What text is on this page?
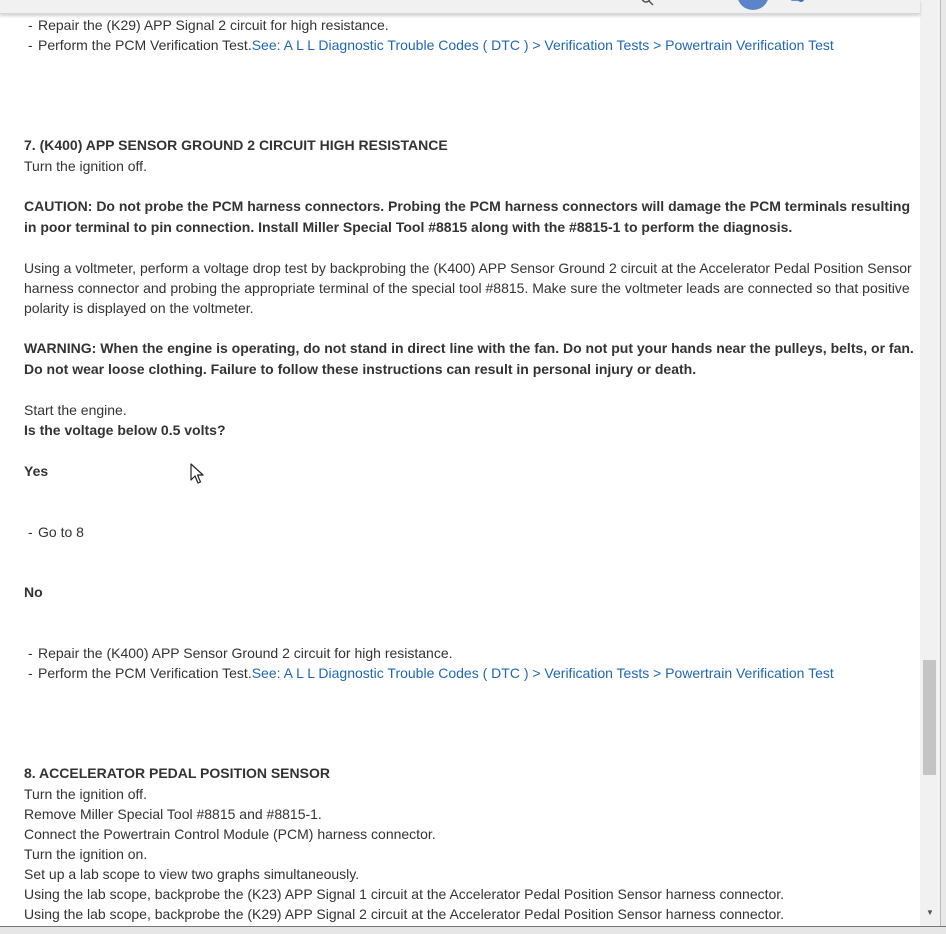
- Repair the (K29) APP Signal 2 circuit for high resistance.
- Perform the PCM Verification Test.See: A L L Diagnostic Trouble Codes ( DTC ) > Verification Tests > Powertrain Verification Test
7. (K400) APP SENSOR GROUND 2 CIRCUIT HIGH RESISTANCE
Turn the ignition off.
CAUTION: Do not probe the PCM harness connectors. Probing the PCM harness connectors will damage the PCM terminals resulting in poor terminal to pin connection. Install Miller Special Tool #8815 along with the #8815-1 to perform the diagnosis.
Using a voltmeter, perform a voltage drop test by backprobing the (K400) APP Sensor Ground 2 circuit at the Accelerator Pedal Position Sensor harness connector and probing the appropriate terminal of the special tool #8815. Make sure the voltmeter leads are connected so that positive polarity is displayed on the voltmeter.
WARNING: When the engine is operating, do not stand in direct line with the fan. Do not put your hands near the pulleys, belts, or fan. Do not wear loose clothing. Failure to follow these instructions can result in personal injury or death.
Start the engine.
Is the voltage below 0.5 volts?
Yes
- Go to 8
No
- Repair the (K400) APP Sensor Ground 2 circuit for high resistance.
- Perform the PCM Verification Test.See: A L L Diagnostic Trouble Codes ( DTC ) > Verification Tests > Powertrain Verification Test
8. ACCELERATOR PEDAL POSITION SENSOR
Turn the ignition off.
Remove Miller Special Tool #8815 and #8815-1.
Connect the Powertrain Control Module (PCM) harness connector.
Turn the ignition on.
Set up a lab scope to view two graphs simultaneously.
Using the lab scope, backprobe the (K23) APP Signal 1 circuit at the Accelerator Pedal Position Sensor harness connector.
Using the lab scope, backprobe the (K29) APP Signal 2 circuit at the Accelerator Pedal Position Sensor harness connector.	▼
